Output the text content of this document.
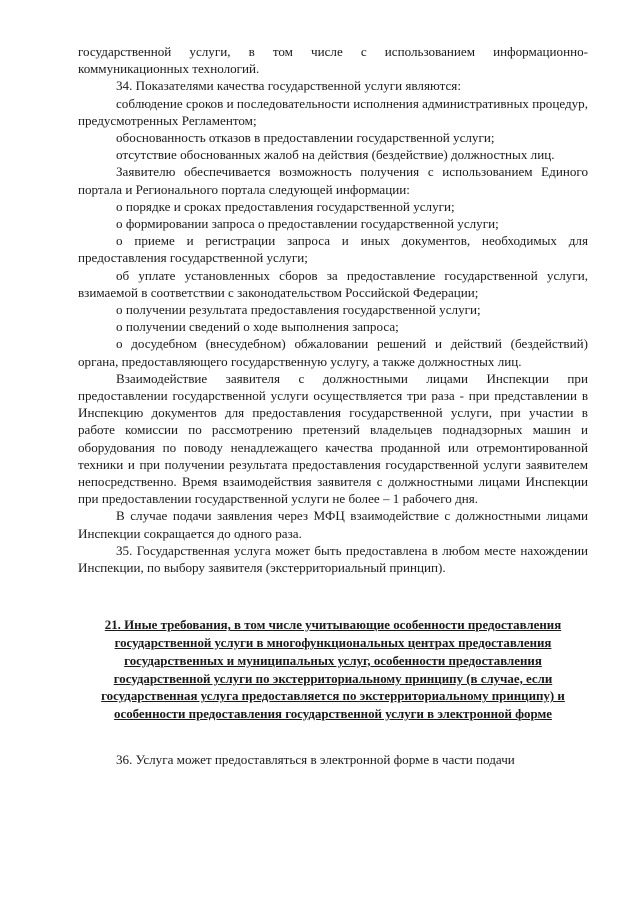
государственной услуги, в том числе с использованием информационно-коммуникационных технологий.

34. Показателями качества государственной услуги являются:

соблюдение сроков и последовательности исполнения административных процедур, предусмотренных Регламентом;

обоснованность отказов в предоставлении государственной услуги;

отсутствие обоснованных жалоб на действия (бездействие) должностных лиц.

Заявителю обеспечивается возможность получения с использованием Единого портала и Регионального портала следующей информации:

о порядке и сроках предоставления государственной услуги;

о формировании запроса о предоставлении государственной услуги;

о приеме и регистрации запроса и иных документов, необходимых для предоставления государственной услуги;

об уплате установленных сборов за предоставление государственной услуги, взимаемой в соответствии с законодательством Российской Федерации;

о получении результата предоставления государственной услуги;

о получении сведений о ходе выполнения запроса;

о досудебном (внесудебном) обжаловании решений и действий (бездействий) органа, предоставляющего государственную услугу, а также должностных лиц.

Взаимодействие заявителя с должностными лицами Инспекции при предоставлении государственной услуги осуществляется три раза - при представлении в Инспекцию документов для предоставления государственной услуги, при участии в работе комиссии по рассмотрению претензий владельцев поднадзорных машин и оборудования по поводу ненадлежащего качества проданной или отремонтированной техники и при получении результата предоставления государственной услуги заявителем непосредственно. Время взаимодействия заявителя с должностными лицами Инспекции при предоставлении государственной услуги не более – 1 рабочего дня.

В случае подачи заявления через МФЦ взаимодействие с должностными лицами Инспекции сокращается до одного раза.

35. Государственная услуга может быть предоставлена в любом месте нахождении Инспекции, по выбору заявителя (экстерриториальный принцип).

21. Иные требования, в том числе учитывающие особенности предоставления государственной услуги в многофункциональных центрах предоставления государственных и муниципальных услуг, особенности предоставления государственной услуги по экстерриториальному принципу (в случае, если государственная услуга предоставляется по экстерриториальному принципу) и особенности предоставления государственной услуги в электронной форме

36. Услуга может предоставляться в электронной форме в части подачи
